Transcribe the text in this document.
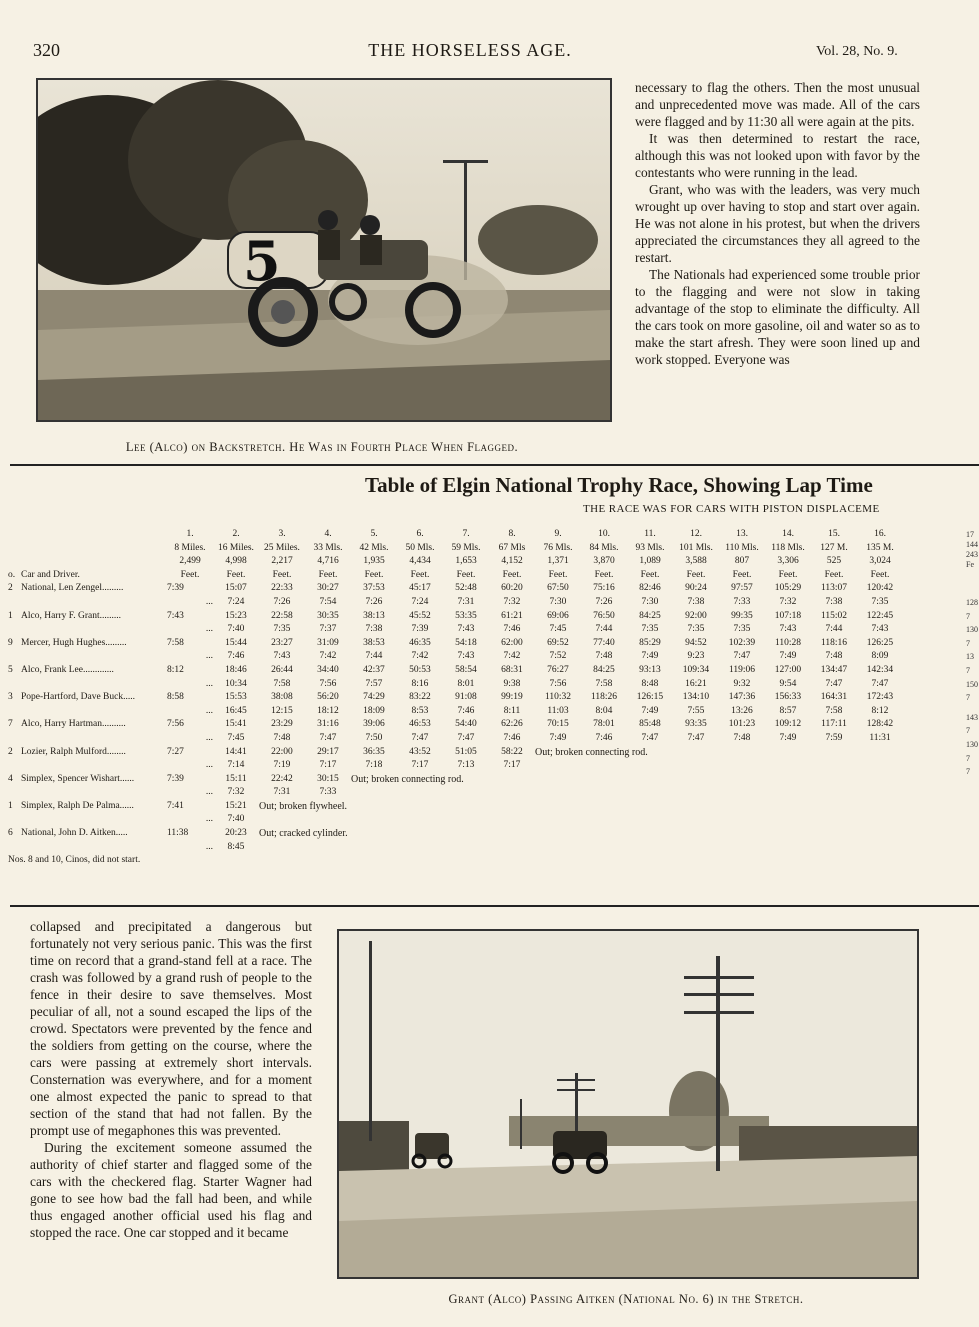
320	THE HORSELESS AGE.	Vol. 28, No. 9.
5
Lee (Alco) on Backstretch. He Was in Fourth Place When Flagged.

necessary to flag the others. Then the most unusual and unprecedented move was made. All of the cars were flagged and by 11:30 all were again at the pits.

It was then determined to restart the race, although this was not looked upon with favor by the contestants who were running in the lead.

Grant, who was with the leaders, was very much wrought up over having to stop and start over again. He was not alone in his protest, but when the drivers appreciated the circumstances they all agreed to the restart.

The Nationals had experienced some trouble prior to the flagging and were not slow in taking advantage of the stop to eliminate the difficulty. All the cars took on more gasoline, oil and water so as to make the start afresh. They were soon lined up and work stopped. Everyone was

Table of Elgin National Trophy Race, Showing Lap Time
THE RACE WAS FOR CARS WITH PISTON DISPLACEME
		1.	2.	3.	4.	5.	6.	7.	8.	9.	10.	11.	12.	13.	14.	15.	16.
		8 Miles.	16 Miles.	25 Miles.	33 Mls.	42 Mls.	50 Mls.	59 Mls.	67 Mls	76 Mls.	84 Mls.	93 Mls.	101 Mls.	110 Mls.	118 Mls.	127 M.	135 M.
		2,499	4,998	2,217	4,716	1,935	4,434	1,653	4,152	1,371	3,870	1,089	3,588	807	3,306	525	3,024
o.	Car and Driver.	Feet.	Feet.	Feet.	Feet.	Feet.	Feet.	Feet.	Feet.	Feet.	Feet.	Feet.	Feet.	Feet.	Feet.	Feet.	Feet.

2	National, Len Zengel.........	7:39	15:07	22:33	30:27	37:53	45:17	52:48	60:20	67:50	75:16	82:46	90:24	97:57	105:29	113:07	120:42
		...	7:24	7:26	7:54	7:26	7:24	7:31	7:32	7:30	7:26	7:30	7:38	7:33	7:32	7:38	7:35
1	Alco, Harry F. Grant.........	7:43	15:23	22:58	30:35	38:13	45:52	53:35	61:21	69:06	76:50	84:25	92:00	99:35	107:18	115:02	122:45
		...	7:40	7:35	7:37	7:38	7:39	7:43	7:46	7:45	7:44	7:35	7:35	7:35	7:43	7:44	7:43
9	Mercer, Hugh Hughes.........	7:58	15:44	23:27	31:09	38:53	46:35	54:18	62:00	69:52	77:40	85:29	94:52	102:39	110:28	118:16	126:25
		...	7:46	7:43	7:42	7:44	7:42	7:43	7:42	7:52	7:48	7:49	9:23	7:47	7:49	7:48	8:09
5	Alco, Frank Lee.............	8:12	18:46	26:44	34:40	42:37	50:53	58:54	68:31	76:27	84:25	93:13	109:34	119:06	127:00	134:47	142:34
		...	10:34	7:58	7:56	7:57	8:16	8:01	9:38	7:56	7:58	8:48	16:21	9:32	9:54	7:47	7:47

3	Pope-Hartford, Dave Buck.....	8:58	15:53	38:08	56:20	74:29	83:22	91:08	99:19	110:32	118:26	126:15	134:10	147:36	156:33	164:31	172:43
		...	16:45	12:15	18:12	18:09	8:53	7:46	8:11	11:03	8:04	7:49	7:55	13:26	8:57	7:58	8:12
7	Alco, Harry Hartman..........	7:56	15:41	23:29	31:16	39:06	46:53	54:40	62:26	70:15	78:01	85:48	93:35	101:23	109:12	117:11	128:42
		...	7:45	7:48	7:47	7:50	7:47	7:47	7:46	7:49	7:46	7:47	7:47	7:48	7:49	7:59	11:31
2	Lozier, Ralph Mulford........	7:27	14:41	22:00	29:17	36:35	43:52	51:05	58:22	Out; broken connecting rod.							
		...	7:14	7:19	7:17	7:18	7:17	7:13	7:17								
4	Simplex, Spencer Wishart......	7:39	15:11	22:42	30:15	Out; broken connecting rod.											
		...	7:32	7:31	7:33												

1	Simplex, Ralph De Palma......	7:41	15:21	Out; broken flywheel.													
		...	7:40														

6	National, John D. Aitken.....	11:38	20:23	Out; cracked cylinder.													
		...	8:45														
Nos. 8 and 10, Cinos, did not start.																	
17
144
243
Fe
128
7
130
7
13
7
150
7
143
7
130
7
7

collapsed and precipitated a dangerous but fortunately not very serious panic. This was the first time on record that a grand-stand fell at a race. The crash was followed by a grand rush of people to the fence in their desire to save themselves. Most peculiar of all, not a sound escaped the lips of the crowd. Spectators were prevented by the fence and the soldiers from getting on the course, where the cars were passing at extremely short intervals. Consternation was everywhere, and for a moment one almost expected the panic to spread to that section of the stand that had not fallen. By the prompt use of megaphones this was prevented.

During the excitement someone assumed the authority of chief starter and flagged some of the cars with the checkered flag. Starter Wagner had gone to see how bad the fall had been, and while thus engaged another official used his flag and stopped the race. One car stopped and it became

Grant (Alco) Passing Aitken (National No. 6) in the Stretch.
